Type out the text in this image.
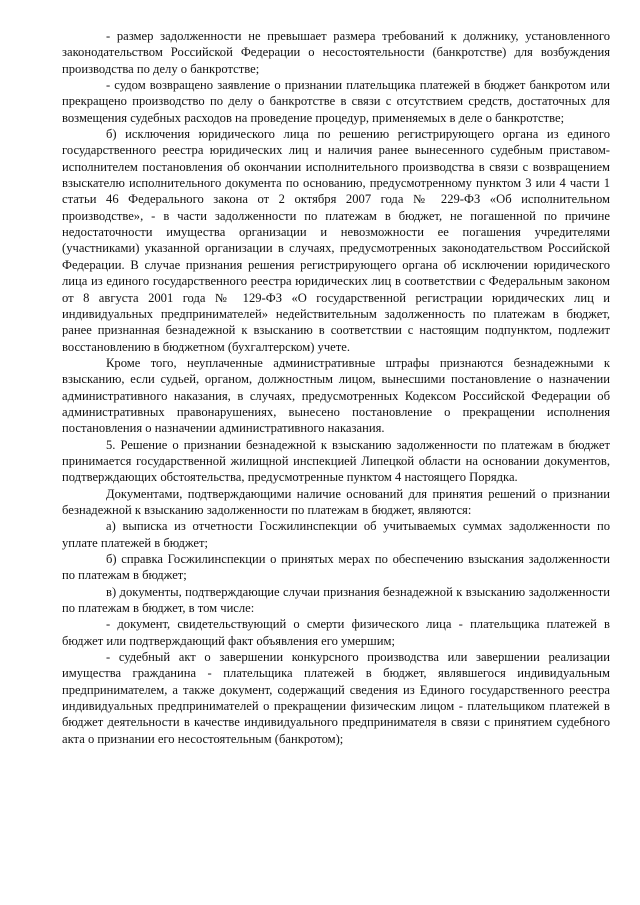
- размер задолженности не превышает размера требований к должнику, установленного законодательством Российской Федерации о несостоятельности (банкротстве) для возбуждения производства по делу о банкротстве;

- судом возвращено заявление о признании плательщика платежей в бюджет банкротом или прекращено производство по делу о банкротстве в связи с отсутствием средств, достаточных для возмещения судебных расходов на проведение процедур, применяемых в деле о банкротстве;

б) исключения юридического лица по решению регистрирующего органа из единого государственного реестра юридических лиц и наличия ранее вынесенного судебным приставом-исполнителем постановления об окончании исполнительного производства в связи с возвращением взыскателю исполнительного документа по основанию, предусмотренному пунктом 3 или 4 части 1 статьи 46 Федерального закона от 2 октября 2007 года № 229-ФЗ «Об исполнительном производстве», - в части задолженности по платежам в бюджет, не погашенной по причине недостаточности имущества организации и невозможности ее погашения учредителями (участниками) указанной организации в случаях, предусмотренных законодательством Российской Федерации. В случае признания решения регистрирующего органа об исключении юридического лица из единого государственного реестра юридических лиц в соответствии с Федеральным законом от 8 августа 2001 года № 129-ФЗ «О государственной регистрации юридических лиц и индивидуальных предпринимателей» недействительным задолженность по платежам в бюджет, ранее признанная безнадежной к взысканию в соответствии с настоящим подпунктом, подлежит восстановлению в бюджетном (бухгалтерском) учете.

Кроме того, неуплаченные административные штрафы признаются безнадежными к взысканию, если судьей, органом, должностным лицом, вынесшими постановление о назначении административного наказания, в случаях, предусмотренных Кодексом Российской Федерации об административных правонарушениях, вынесено постановление о прекращении исполнения постановления о назначении административного наказания.

5. Решение о признании безнадежной к взысканию задолженности по платежам в бюджет принимается государственной жилищной инспекцией Липецкой области на основании документов, подтверждающих обстоятельства, предусмотренные пунктом 4 настоящего Порядка.

Документами, подтверждающими наличие оснований для принятия решений о признании безнадежной к взысканию задолженности по платежам в бюджет, являются:

а) выписка из отчетности Госжилинспекции об учитываемых суммах задолженности по уплате платежей в бюджет;

б) справка Госжилинспекции о принятых мерах по обеспечению взыскания задолженности по платежам в бюджет;

в) документы, подтверждающие случаи признания безнадежной к взысканию задолженности по платежам в бюджет, в том числе:

- документ, свидетельствующий о смерти физического лица - плательщика платежей в бюджет или подтверждающий факт объявления его умершим;

- судебный акт о завершении конкурсного производства или завершении реализации имущества гражданина - плательщика платежей в бюджет, являвшегося индивидуальным предпринимателем, а также документ, содержащий сведения из Единого государственного реестра индивидуальных предпринимателей о прекращении физическим лицом - плательщиком платежей в бюджет деятельности в качестве индивидуального предпринимателя в связи с принятием судебного акта о признании его несостоятельным (банкротом);
